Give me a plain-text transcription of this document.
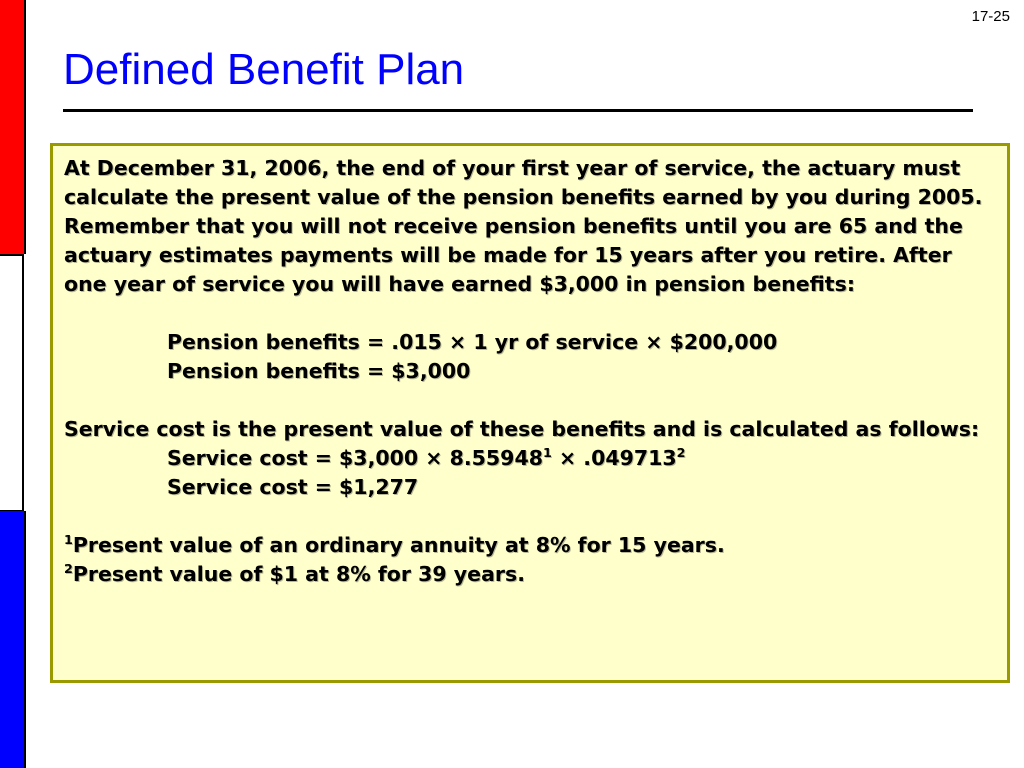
17-25
Defined Benefit Plan

At December 31, 2006, the end of your first year of service, the actuary must calculate the present value of the pension benefits earned by you during 2005. Remember that you will not receive pension benefits until you are 65 and the actuary estimates payments will be made for 15 years after you retire. After one year of service you will have earned $3,000 in pension benefits:

Pension benefits = .015 × 1 yr of service × $200,000

Pension benefits = $3,000

Service cost is the present value of these benefits and is calculated as follows:

Service cost = $3,000 × $8.55948^1 \times .049713^2$

Service cost = $1,277

$^1$Present value of an ordinary annuity at 8% for 15 years.

$^2$Present value of $1 at 8% for 39 years.
